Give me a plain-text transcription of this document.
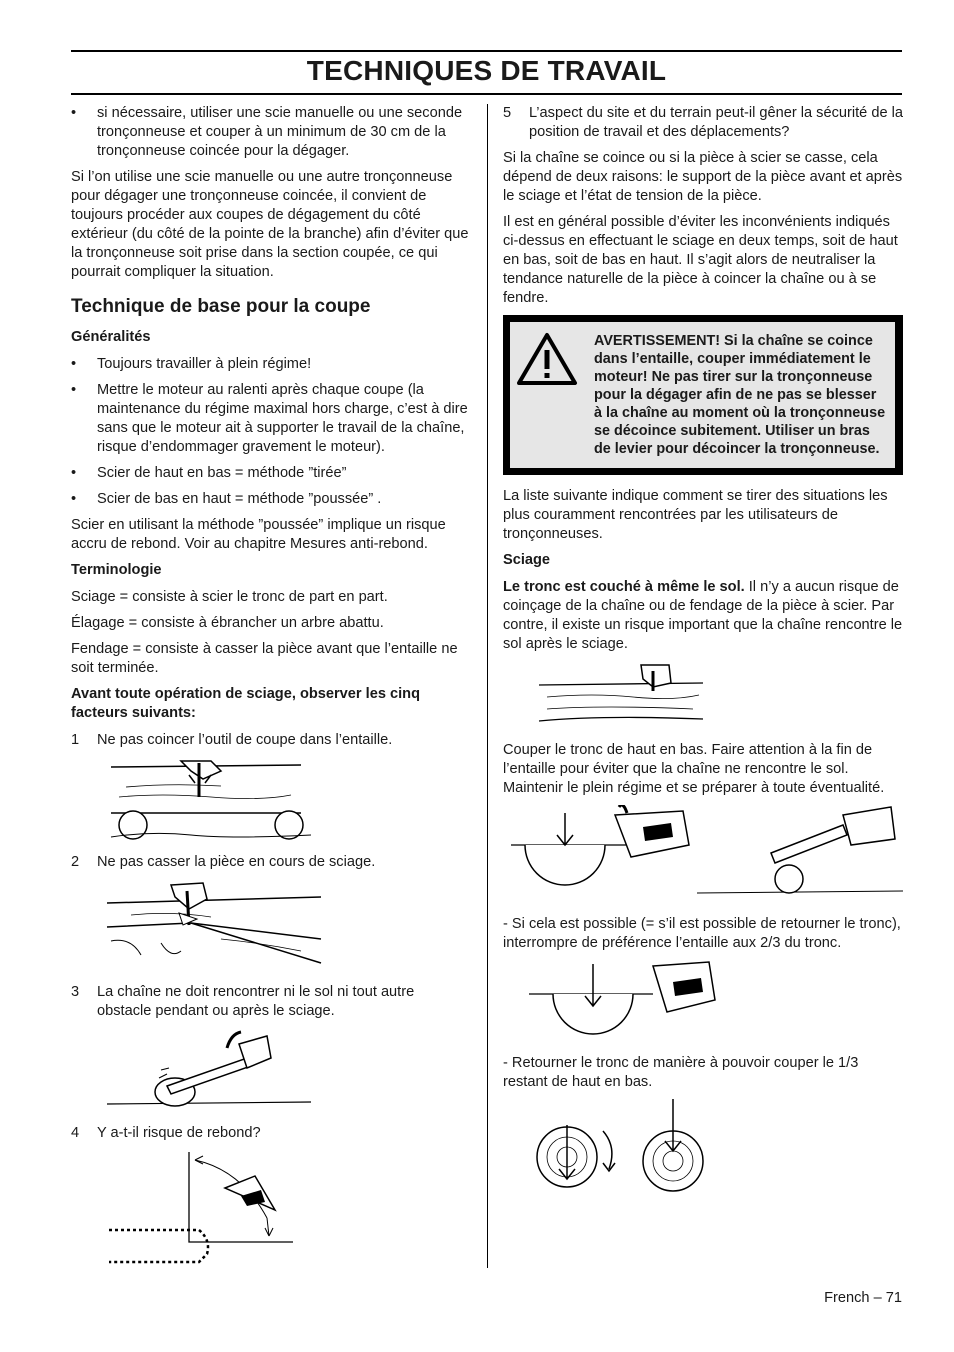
TECHNIQUES DE TRAVAIL
• si nécessaire, utiliser une scie manuelle ou une seconde tronçonneuse et couper à un minimum de 30 cm de la tronçonneuse coincée pour la dégager.

Si l’on utilise une scie manuelle ou une autre tronçonneuse pour dégager une tronçonneuse coincée, il convient de toujours procéder aux coupes de dégagement du côté extérieur (du côté de la pointe de la branche) afin d’éviter que la tronçonneuse soit prise dans la section coupée, ce qui pourrait compliquer la situation.

Technique de base pour la coupe
Généralités
• Toujours travailler à plein régime!
• Mettre le moteur au ralenti après chaque coupe (la maintenance du régime maximal hors charge, c’est à dire sans que le moteur ait à supporter le travail de la chaîne, risque d’endommager gravement le moteur).
• Scier de haut en bas = méthode ”tirée”
• Scier de bas en haut = méthode ”poussée” .

Scier en utilisant la méthode ”poussée” implique un risque accru de rebond. Voir au chapitre Mesures anti-rebond.

Terminologie

Sciage = consiste à scier le tronc de part en part.

Élagage = consiste à ébrancher un arbre abattu.

Fendage = consiste à casser la pièce avant que l’entaille ne soit terminée.

Avant toute opération de sciage, observer les cinq facteurs suivants:
1 Ne pas coincer l’outil de coupe dans l’entaille.
2 Ne pas casser la pièce en cours de sciage.
3 La chaîne ne doit rencontrer ni le sol ni tout autre obstacle pendant ou après le sciage.
4 Y a-t-il risque de rebond?
5 L’aspect du site et du terrain peut-il gêner la sécurité de la position de travail et des déplacements?

Si la chaîne se coince ou si la pièce à scier se casse, cela dépend de deux raisons: le support de la pièce avant et après le sciage et l’état de tension de la pièce.

Il est en général possible d’éviter les inconvénients indiqués ci-dessus en effectuant le sciage en deux temps, soit de haut en bas, soit de bas en haut. Il s’agit alors de neutraliser la tendance naturelle de la pièce à coincer la chaîne ou à se fendre.

AVERTISSEMENT! Si la chaîne se coince dans l’entaille, couper immédiatement le moteur! Ne pas tirer sur la tronçonneuse pour la dégager afin de ne pas se blesser à la chaîne au moment où la tronçonneuse se décoince subitement. Utiliser un bras de levier pour décoincer la tronçonneuse.

La liste suivante indique comment se tirer des situations les plus couramment rencontrées par les utilisateurs de tronçonneuses.

Sciage

Le tronc est couché à même le sol. Il n’y a aucun risque de coinçage de la chaîne ou de fendage de la pièce à scier. Par contre, il existe un risque important que la chaîne rencontre le sol après le sciage.

Couper le tronc de haut en bas. Faire attention à la fin de l’entaille pour éviter que la chaîne ne rencontre le sol. Maintenir le plein régime et se préparer à toute éventualité.

- Si cela est possible (= s’il est possible de retourner le tronc), interrompre de préférence l’entaille aux 2/3 du tronc.

- Retourner le tronc de manière à pouvoir couper le 1/3 restant de haut en bas.

French – 71
